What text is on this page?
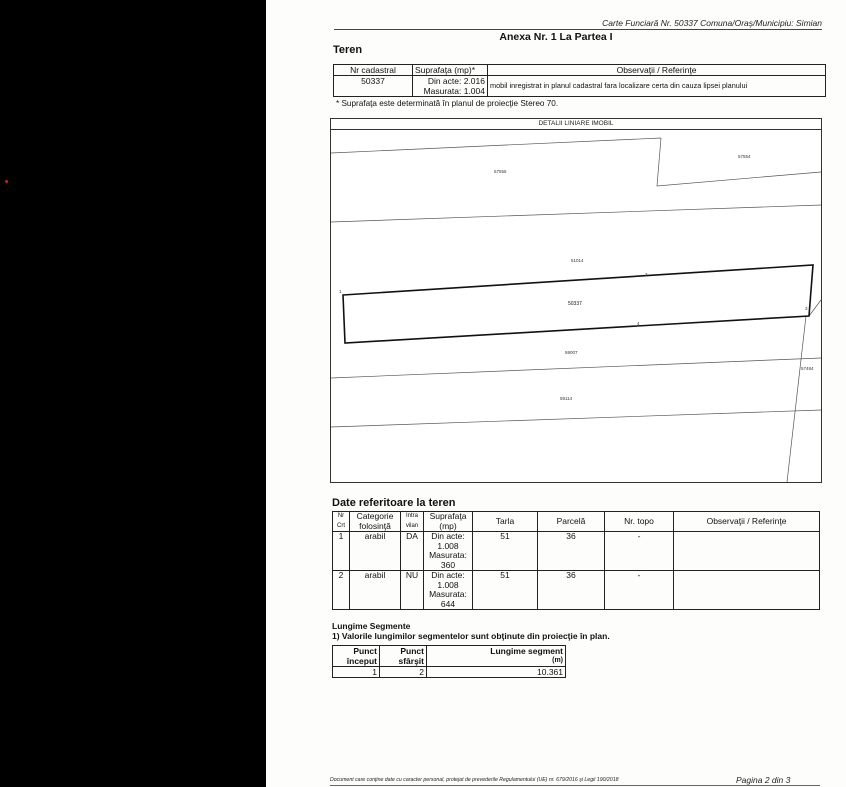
Carte Funciară Nr. 50337 Comuna/Oraş/Municipiu: Simian
Anexa Nr. 1 La Partea I
Teren
Nr cadastral	Suprafaţa (mp)*	Observaţii / Referinţe
50337	Din acte: 2.016
Masurata: 1.004	mobil inregistrat in planul cadastral fara localizare certa din cauza lipsei planului
* Suprafaţa este determinată în planul de proiecţie Stereo 70.
DETALII LINIARE IMOBIL
57555
57554
51014
50337
59007
57484
59114
1
2
3
4
Date referitoare la teren
Nr Crt	Categorie folosinţă	Intra vilan	Suprafaţa (mp)	Tarla	Parcelă	Nr. topo	Observaţii / Referinţe
1	arabil	DA	Din acte: 1.008
Masurata: 360	51	36	-	
2	arabil	NU	Din acte: 1.008
Masurata: 644	51	36	-	
Lungime Segmente
1) Valorile lungimilor segmentelor sunt obţinute din proiecţie în plan.
Punct început	Punct sfârşit	Lungime segment
(m)

1	2	10.361
Document care conţine date cu caracter personal, protejat de prevederile Regulamentului (UE) nr. 679/2016 şi Legii 190/2018	Pagina 2 din 3
